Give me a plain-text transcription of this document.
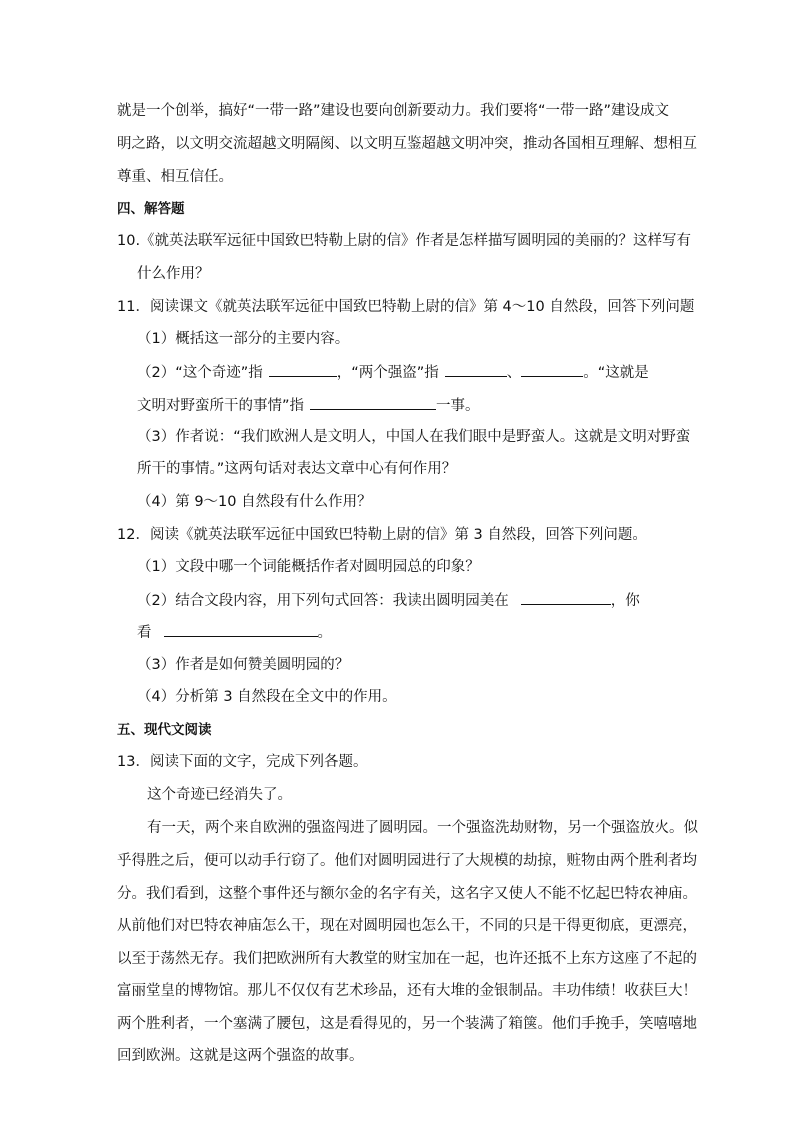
就是一个创举，搞好“一带一路”建设也要向创新要动力。我们要将“一带一路”建设成文
明之路，以文明交流超越文明隔阂、以文明互鉴超越文明冲突，推动各国相互理解、想相互
尊重、相互信任。
四、解答题
10.《就英法联军远征中国致巴特勒上尉的信》作者是怎样描写圆明园的美丽的？这样写有
什么作用？
11．阅读课文《就英法联军远征中国致巴特勒上尉的信》第 4～10 自然段，回答下列问题
（1）概括这一部分的主要内容。
（2）“这个奇迹”指	，“两个强盗”指	、	。“这就是
文明对野蛮所干的事情”指	一事。
（3）作者说：“我们欧洲人是文明人，中国人在我们眼中是野蛮人。这就是文明对野蛮
所干的事情。”这两句话对表达文章中心有何作用？
（4）第 9～10 自然段有什么作用？
12．阅读《就英法联军远征中国致巴特勒上尉的信》第 3 自然段，回答下列问题。
（1）文段中哪一个词能概括作者对圆明园总的印象？
（2）结合文段内容，用下列句式回答：我读出圆明园美在	，你
看	。
（3）作者是如何赞美圆明园的？
（4）分析第 3 自然段在全文中的作用。
五、现代文阅读
13．阅读下面的文字，完成下列各题。
这个奇迹已经消失了。
有一天，两个来自欧洲的强盗闯进了圆明园。一个强盗洗劫财物，另一个强盗放火。似
乎得胜之后，便可以动手行窃了。他们对圆明园进行了大规模的劫掠，赃物由两个胜利者均
分。我们看到，这整个事件还与额尔金的名字有关，这名字又使人不能不忆起巴特农神庙。
从前他们对巴特农神庙怎么干，现在对圆明园也怎么干，不同的只是干得更彻底，更漂亮，
以至于荡然无存。我们把欧洲所有大教堂的财宝加在一起，也许还抵不上东方这座了不起的
富丽堂皇的博物馆。那儿不仅仅有艺术珍品，还有大堆的金银制品。丰功伟绩！收获巨大！
两个胜利者，一个塞满了腰包，这是看得见的，另一个装满了箱箧。他们手挽手，笑嘻嘻地
回到欧洲。这就是这两个强盗的故事。
